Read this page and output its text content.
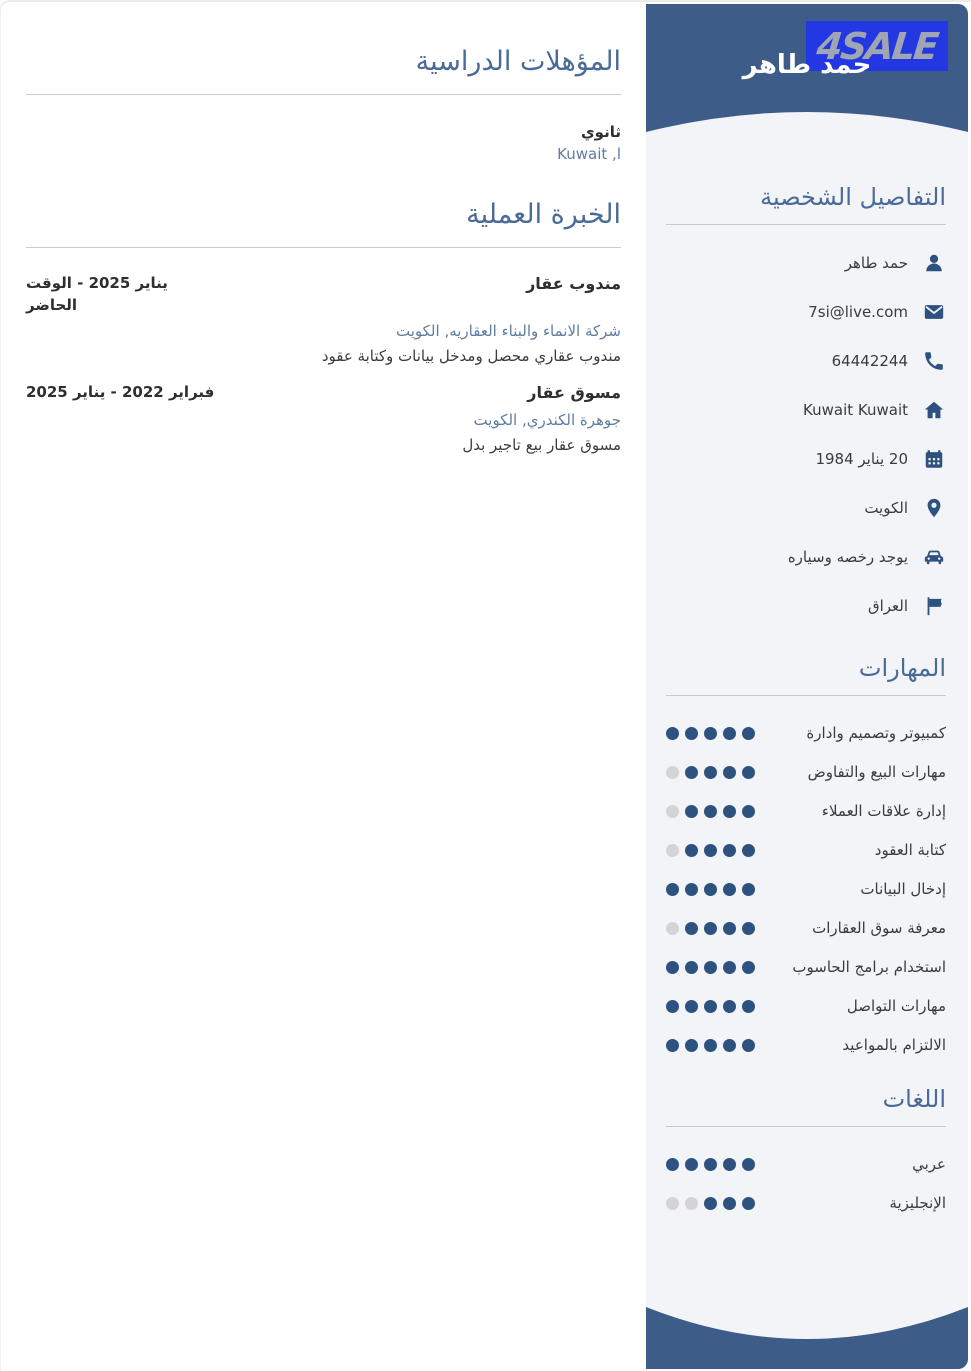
المؤهلات الدراسية
ثانوي
ا, Kuwait
الخبرة العملية
مندوب عقار
يناير 2025 - الوقت الحاضر
شركة الانماء والبناء العقاريه, الكويت
مندوب عقاري محصل ومدخل بيانات وكتابة عقود
مسوق عقار
فبراير 2022 - يناير 2025
جوهرة الكندري, الكويت
مسوق عقار بيع تاجير بدل
4SALE
حمد طاهر
التفاصيل الشخصية
حمد طاهر
7si@live.com
64442244
Kuwait Kuwait
20 يناير 1984
الكويت
يوجد رخصه وسياره
العراق
المهارات
كمبيوتر وتصميم وادارة
مهارات البيع والتفاوض
إدارة علاقات العملاء
كتابة العقود
إدخال البيانات
معرفة سوق العقارات
استخدام برامج الحاسوب
مهارات التواصل
الالتزام بالمواعيد
اللغات
عربي
الإنجليزية
